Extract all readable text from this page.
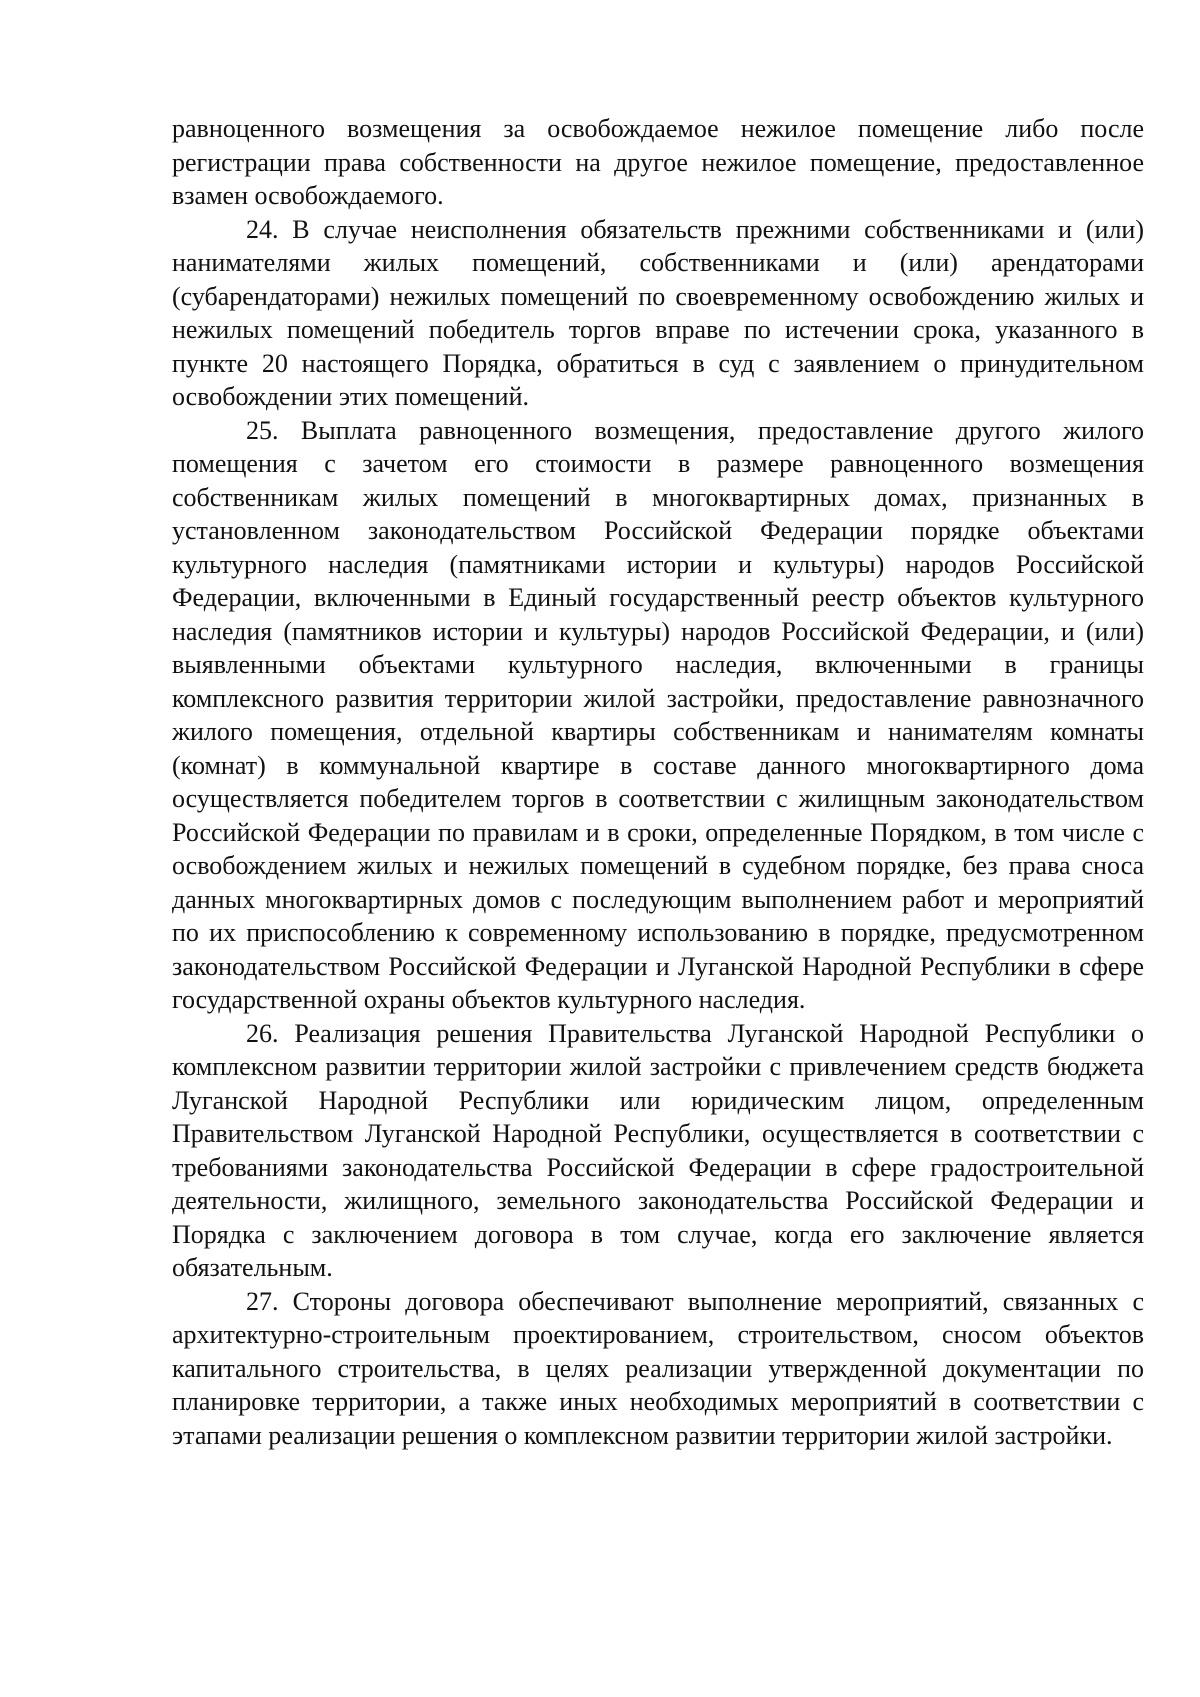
равноценного возмещения за освобождаемое нежилое помещение либо после регистрации права собственности на другое нежилое помещение, предоставленное взамен освобождаемого.

24. В случае неисполнения обязательств прежними собственниками и (или) нанимателями жилых помещений, собственниками и (или) арендаторами (субарендаторами) нежилых помещений по своевременному освобождению жилых и нежилых помещений победитель торгов вправе по истечении срока, указанного в пункте 20 настоящего Порядка, обратиться в суд с заявлением о принудительном освобождении этих помещений.

25. Выплата равноценного возмещения, предоставление другого жилого помещения с зачетом его стоимости в размере равноценного возмещения собственникам жилых помещений в многоквартирных домах, признанных в установленном законодательством Российской Федерации порядке объектами культурного наследия (памятниками истории и культуры) народов Российской Федерации, включенными в Единый государственный реестр объектов культурного наследия (памятников истории и культуры) народов Российской Федерации, и (или) выявленными объектами культурного наследия, включенными в границы комплексного развития территории жилой застройки, предоставление равнозначного жилого помещения, отдельной квартиры собственникам и нанимателям комнаты (комнат) в коммунальной квартире в составе данного многоквартирного дома осуществляется победителем торгов в соответствии с жилищным законодательством Российской Федерации по правилам и в сроки, определенные Порядком, в том числе с освобождением жилых и нежилых помещений в судебном порядке, без права сноса данных многоквартирных домов с последующим выполнением работ и мероприятий по их приспособлению к современному использованию в порядке, предусмотренном законодательством Российской Федерации и Луганской Народной Республики в сфере государственной охраны объектов культурного наследия.

26. Реализация решения Правительства Луганской Народной Республики о комплексном развитии территории жилой застройки с привлечением средств бюджета Луганской Народной Республики или юридическим лицом, определенным Правительством Луганской Народной Республики, осуществляется в соответствии с требованиями законодательства Российской Федерации в сфере градостроительной деятельности, жилищного, земельного законодательства Российской Федерации и Порядка с заключением договора в том случае, когда его заключение является обязательным.

27. Стороны договора обеспечивают выполнение мероприятий, связанных с архитектурно-строительным проектированием, строительством, сносом объектов капитального строительства, в целях реализации утвержденной документации по планировке территории, а также иных необходимых мероприятий в соответствии с этапами реализации решения о комплексном развитии территории жилой застройки.
